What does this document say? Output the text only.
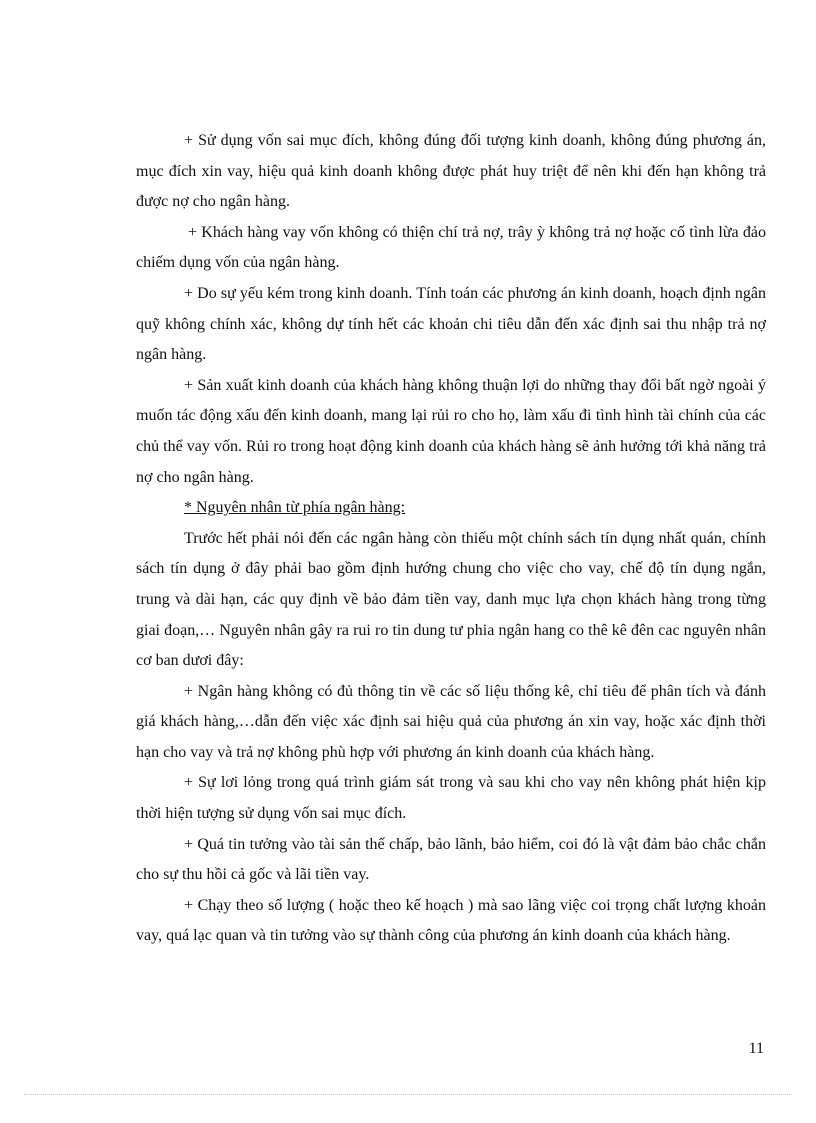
+ Sử dụng vốn sai mục đích, không đúng đối tượng kinh doanh, không đúng phương án, mục đích xin vay, hiệu quả kinh doanh không được phát huy triệt để nên khi đến hạn không trả được nợ cho ngân hàng.

+ Khách hàng vay vốn không có thiện chí trả nợ, trây ỳ không trả nợ hoặc cố tình lừa đảo chiếm dụng vốn của ngân hàng.

+ Do sự yếu kém trong kinh doanh. Tính toán các phương án kinh doanh, hoạch định ngân quỹ không chính xác, không dự tính hết các khoản chi tiêu dẫn đến xác định sai thu nhập trả nợ ngân hàng.

+ Sản xuất kinh doanh của khách hàng không thuận lợi do những thay đổi bất ngờ ngoài ý muốn tác động xấu đến kinh doanh, mang lại rủi ro cho họ, làm xấu đi tình hình tài chính của các chủ thể vay vốn. Rủi ro trong hoạt động kinh doanh của khách hàng sẽ ảnh hưởng tới khả năng trả nợ cho ngân hàng.

* Nguyên nhân từ phía ngân hàng:

Trước hết phải nói đến các ngân hàng còn thiếu một chính sách tín dụng nhất quán, chính sách tín dụng ở đây phải bao gồm định hướng chung cho việc cho vay, chế độ tín dụng ngắn, trung và dài hạn, các quy định về bảo đảm tiền vay, danh mục lựa chọn khách hàng trong từng giai đoạn,… Nguyên nhân gây ra rui ro tin dung tư phia ngân hang co thê kê đên cac nguyên nhân cơ ban dươi đây:

+ Ngân hàng không có đủ thông tin về các số liệu thống kê, chỉ tiêu để phân tích và đánh giá khách hàng,…dẫn đến việc xác định sai hiệu quả của phương án xin vay, hoặc xác định thời hạn cho vay và trả nợ không phù hợp với phương án kinh doanh của khách hàng.

+ Sự lơi lỏng trong quá trình giám sát trong và sau khi cho vay nên không phát hiện kịp thời hiện tượng sử dụng vốn sai mục đích.

+ Quá tin tưởng vào tài sản thế chấp, bảo lãnh, bảo hiểm, coi đó là vật đảm bảo chắc chắn cho sự thu hồi cả gốc và lãi tiền vay.

+ Chạy theo số lượng ( hoặc theo kế hoạch ) mà sao lãng việc coi trọng chất lượng khoản vay, quá lạc quan và tin tưởng vào sự thành công của phương án kinh doanh của khách hàng.

11
